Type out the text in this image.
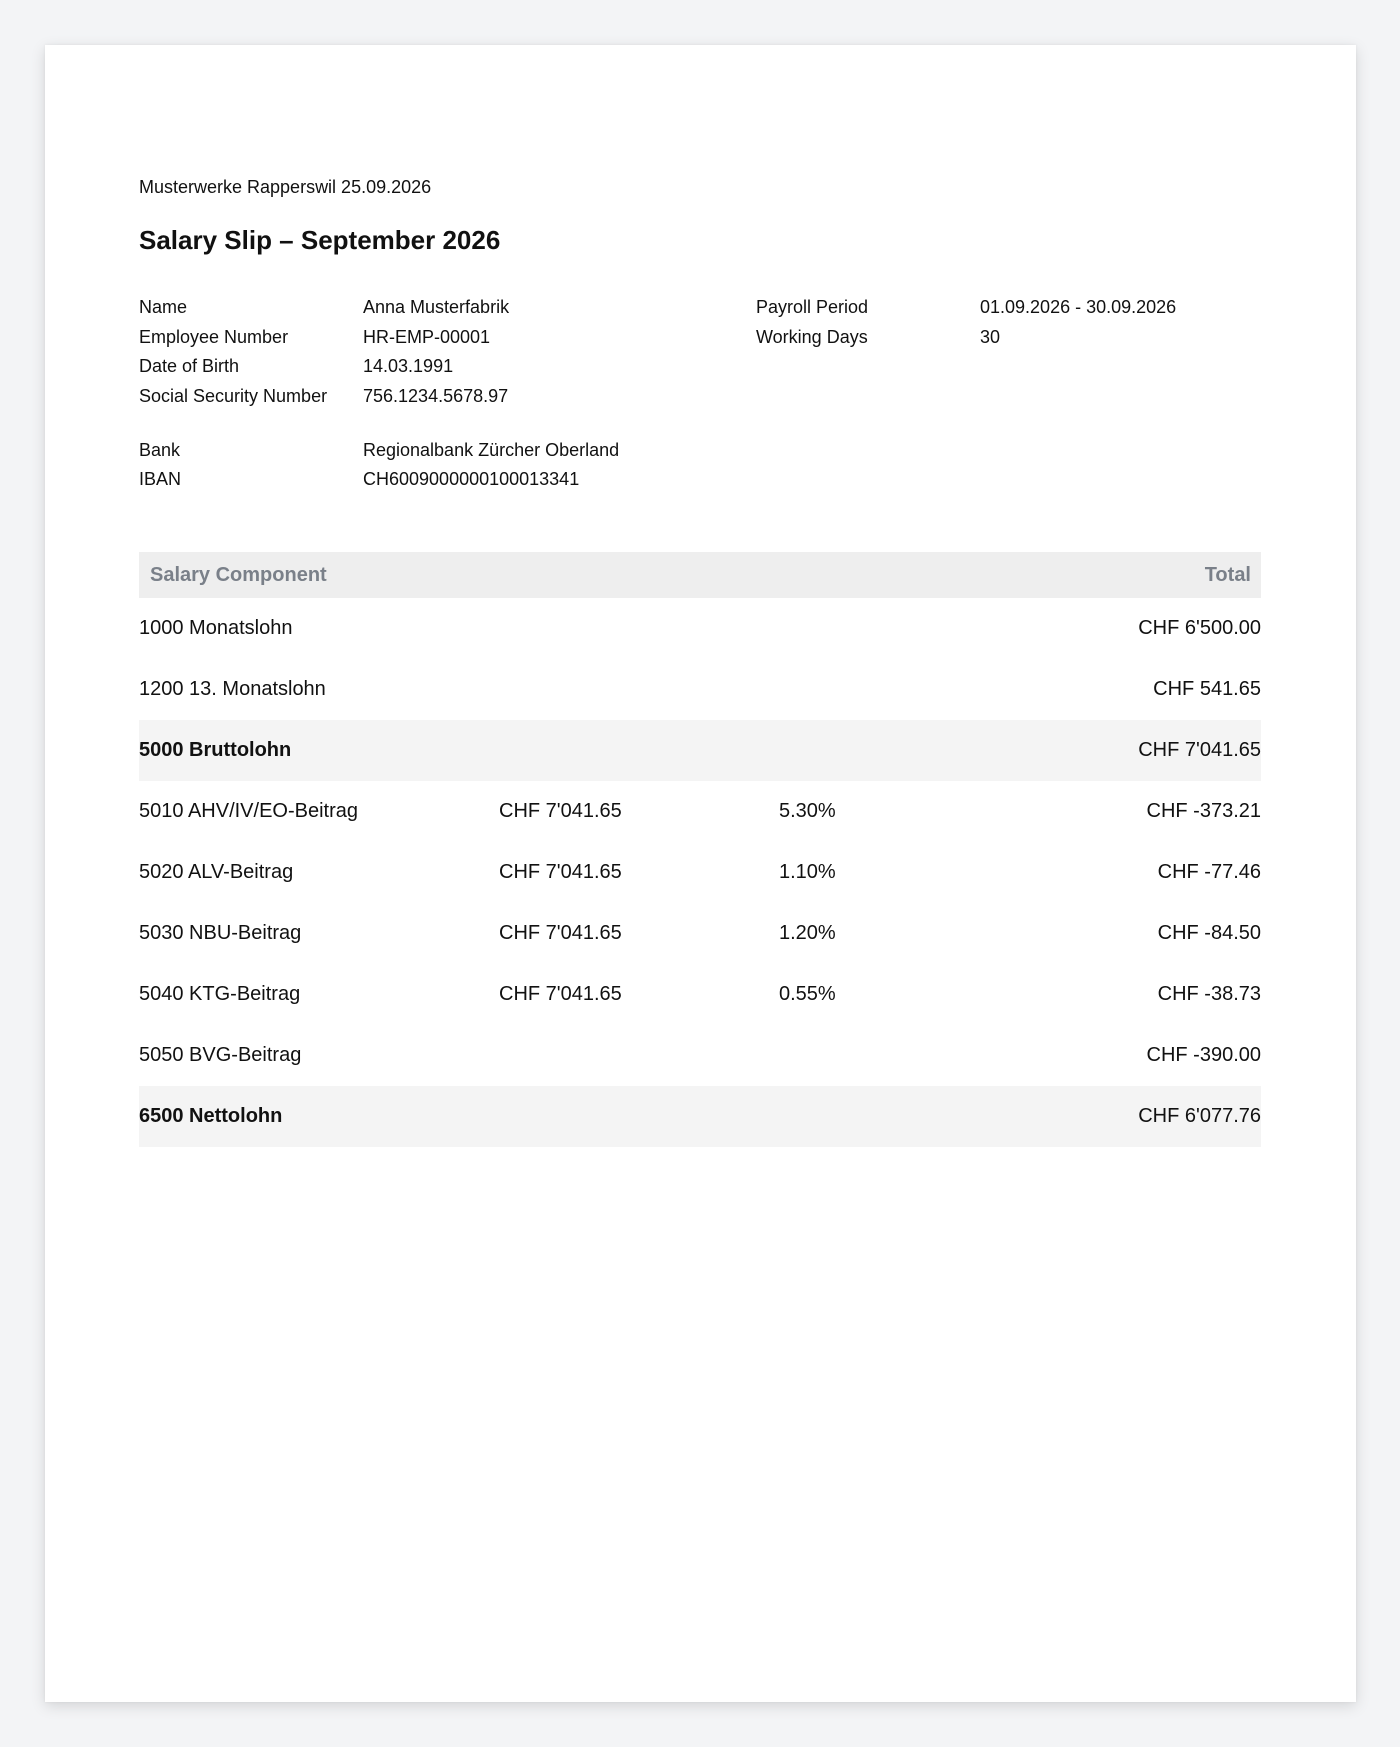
Musterwerke Rapperswil 25.09.2026
Salary Slip – September 2026
Name	Anna Musterfabrik
Employee Number	HR-EMP-00001
Date of Birth	14.03.1991
Social Security Number 756.1234.5678.97
Payroll Period	01.09.2026 - 30.09.2026
Working Days	30
Bank	Regionalbank Zürcher Oberland
IBAN	CH6009000000100013341
Salary Component	Total
1000 Monatslohn	CHF 6'500.00
1200 13. Monatslohn	CHF 541.65
5000 Bruttolohn	CHF 7'041.65
5010 AHV/IV/EO-Beitrag	CHF 7'041.65	5.30%	CHF -373.21
5020 ALV-Beitrag	CHF 7'041.65	1.10%	CHF -77.46
5030 NBU-Beitrag	CHF 7'041.65	1.20%	CHF -84.50
5040 KTG-Beitrag	CHF 7'041.65	0.55%	CHF -38.73
5050 BVG-Beitrag	CHF -390.00
6500 Nettolohn	CHF 6'077.76
